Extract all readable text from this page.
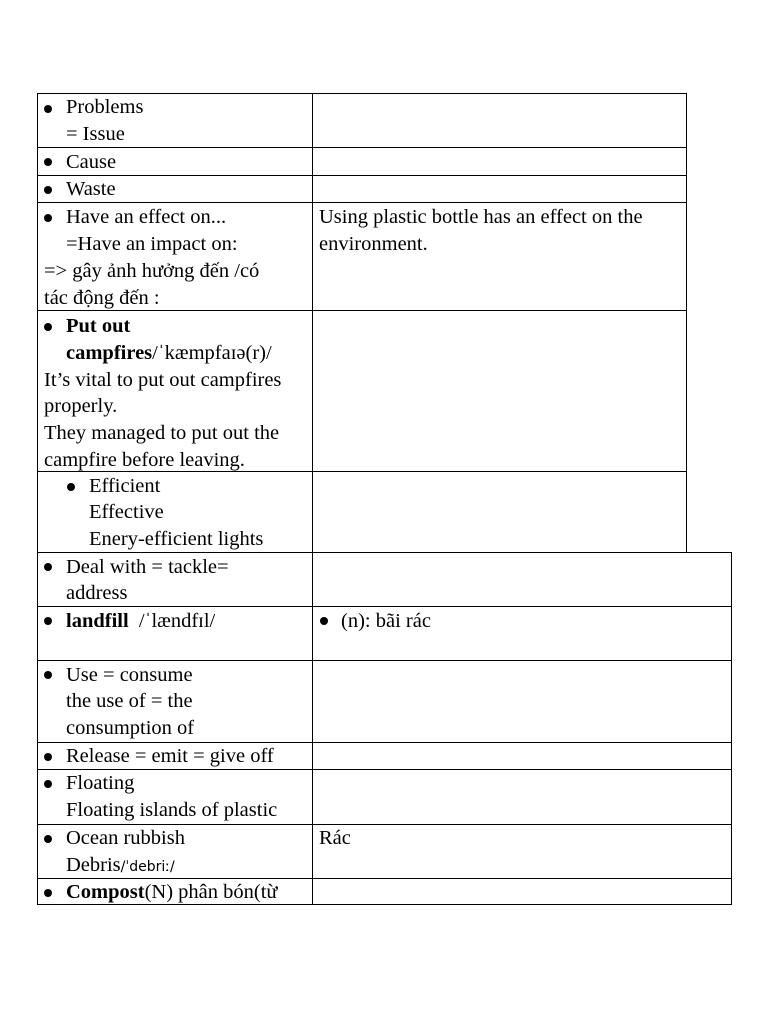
Problems
= Issue
Cause
Waste
Have an effect on...
=Have an impact on:
=> gây ảnh hưởng đến /có
tác động đến :
Using plastic bottle has an effect on the
environment.
Put out
campfires/ˈkæmpfaɪə(r)/
It’s vital to put out campfires
properly.
They managed to put out the
campfire before leaving.
Efficient
Effective
Enery-efficient lights
Deal with = tackle=
address
landfill /ˈlændfɪl/	(n): bãi rác
Use = consume
the use of = the
consumption of
Release = emit = give off
Floating
Floating islands of plastic
Ocean rubbish
Debris/ˈdebriː/
Rác
Compost(N) phân bón(từ
